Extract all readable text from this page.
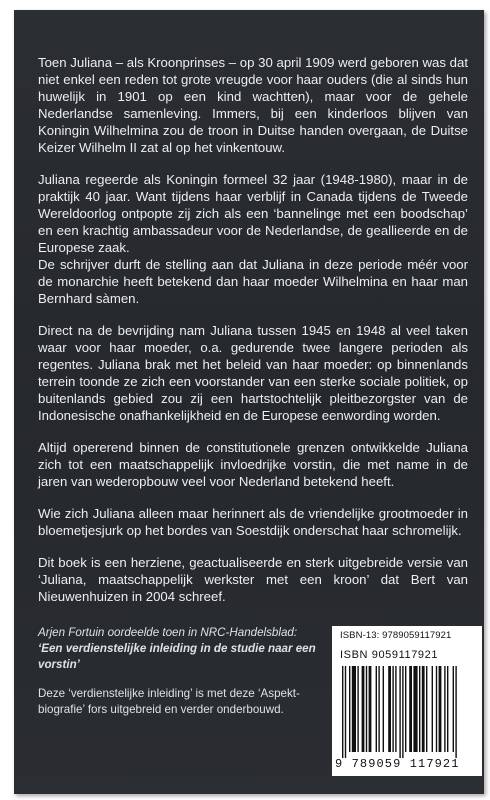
Toen Juliana – als Kroonprinses – op 30 april 1909 werd geboren was dat niet enkel een reden tot grote vreugde voor haar ouders (die al sinds hun huwelijk in 1901 op een kind wachtten), maar voor de gehele Nederlandse samenleving. Immers, bij een kinderloos blijven van Koningin Wilhelmina zou de troon in Duitse handen overgaan, de Duitse Keizer Wilhelm II zat al op het vinkentouw.

Juliana regeerde als Koningin formeel 32 jaar (1948-1980), maar in de praktijk 40 jaar. Want tijdens haar verblijf in Canada tijdens de Tweede Wereldoorlog ontpopte zij zich als een ‘bannelinge met een boodschap’ en een krachtig ambassadeur voor de Nederlandse, de geallieerde en de Europese zaak.

De schrijver durft de stelling aan dat Juliana in deze periode méér voor de monarchie heeft betekend dan haar moeder Wilhelmina en haar man Bernhard sàmen.

Direct na de bevrijding nam Juliana tussen 1945 en 1948 al veel taken waar voor haar moeder, o.a. gedurende twee langere perioden als regentes. Juliana brak met het beleid van haar moeder: op binnenlands terrein toonde ze zich een voorstander van een sterke sociale politiek, op buitenlands gebied zou zij een hartstochtelijk pleitbezorgster van de Indonesische onafhankelijkheid en de Europese eenwording worden.

Altijd opererend binnen de constitutionele grenzen ontwikkelde Juliana zich tot een maatschappelijk invloedrijke vorstin, die met name in de jaren van wederopbouw veel voor Nederland betekend heeft.

Wie zich Juliana alleen maar herinnert als de vriendelijke grootmoeder in bloemetjesjurk op het bordes van Soestdijk onderschat haar schromelijk.

Dit boek is een herziene, geactualiseerde en sterk uitgebreide versie van ‘Juliana, maatschappelijk werkster met een kroon’ dat Bert van Nieuwenhuizen in 2004 schreef.

Arjen Fortuin oordeelde toen in NRC-Handelsblad:
‘Een verdienstelijke inleiding in de studie naar een vorstin’
Deze ‘verdienstelijke inleiding’ is met deze ‘Aspekt-biografie’ fors uitgebreid en verder onderbouwd.
ISBN-13: 9789059117921
ISBN 9059117921
9 789059 117921
